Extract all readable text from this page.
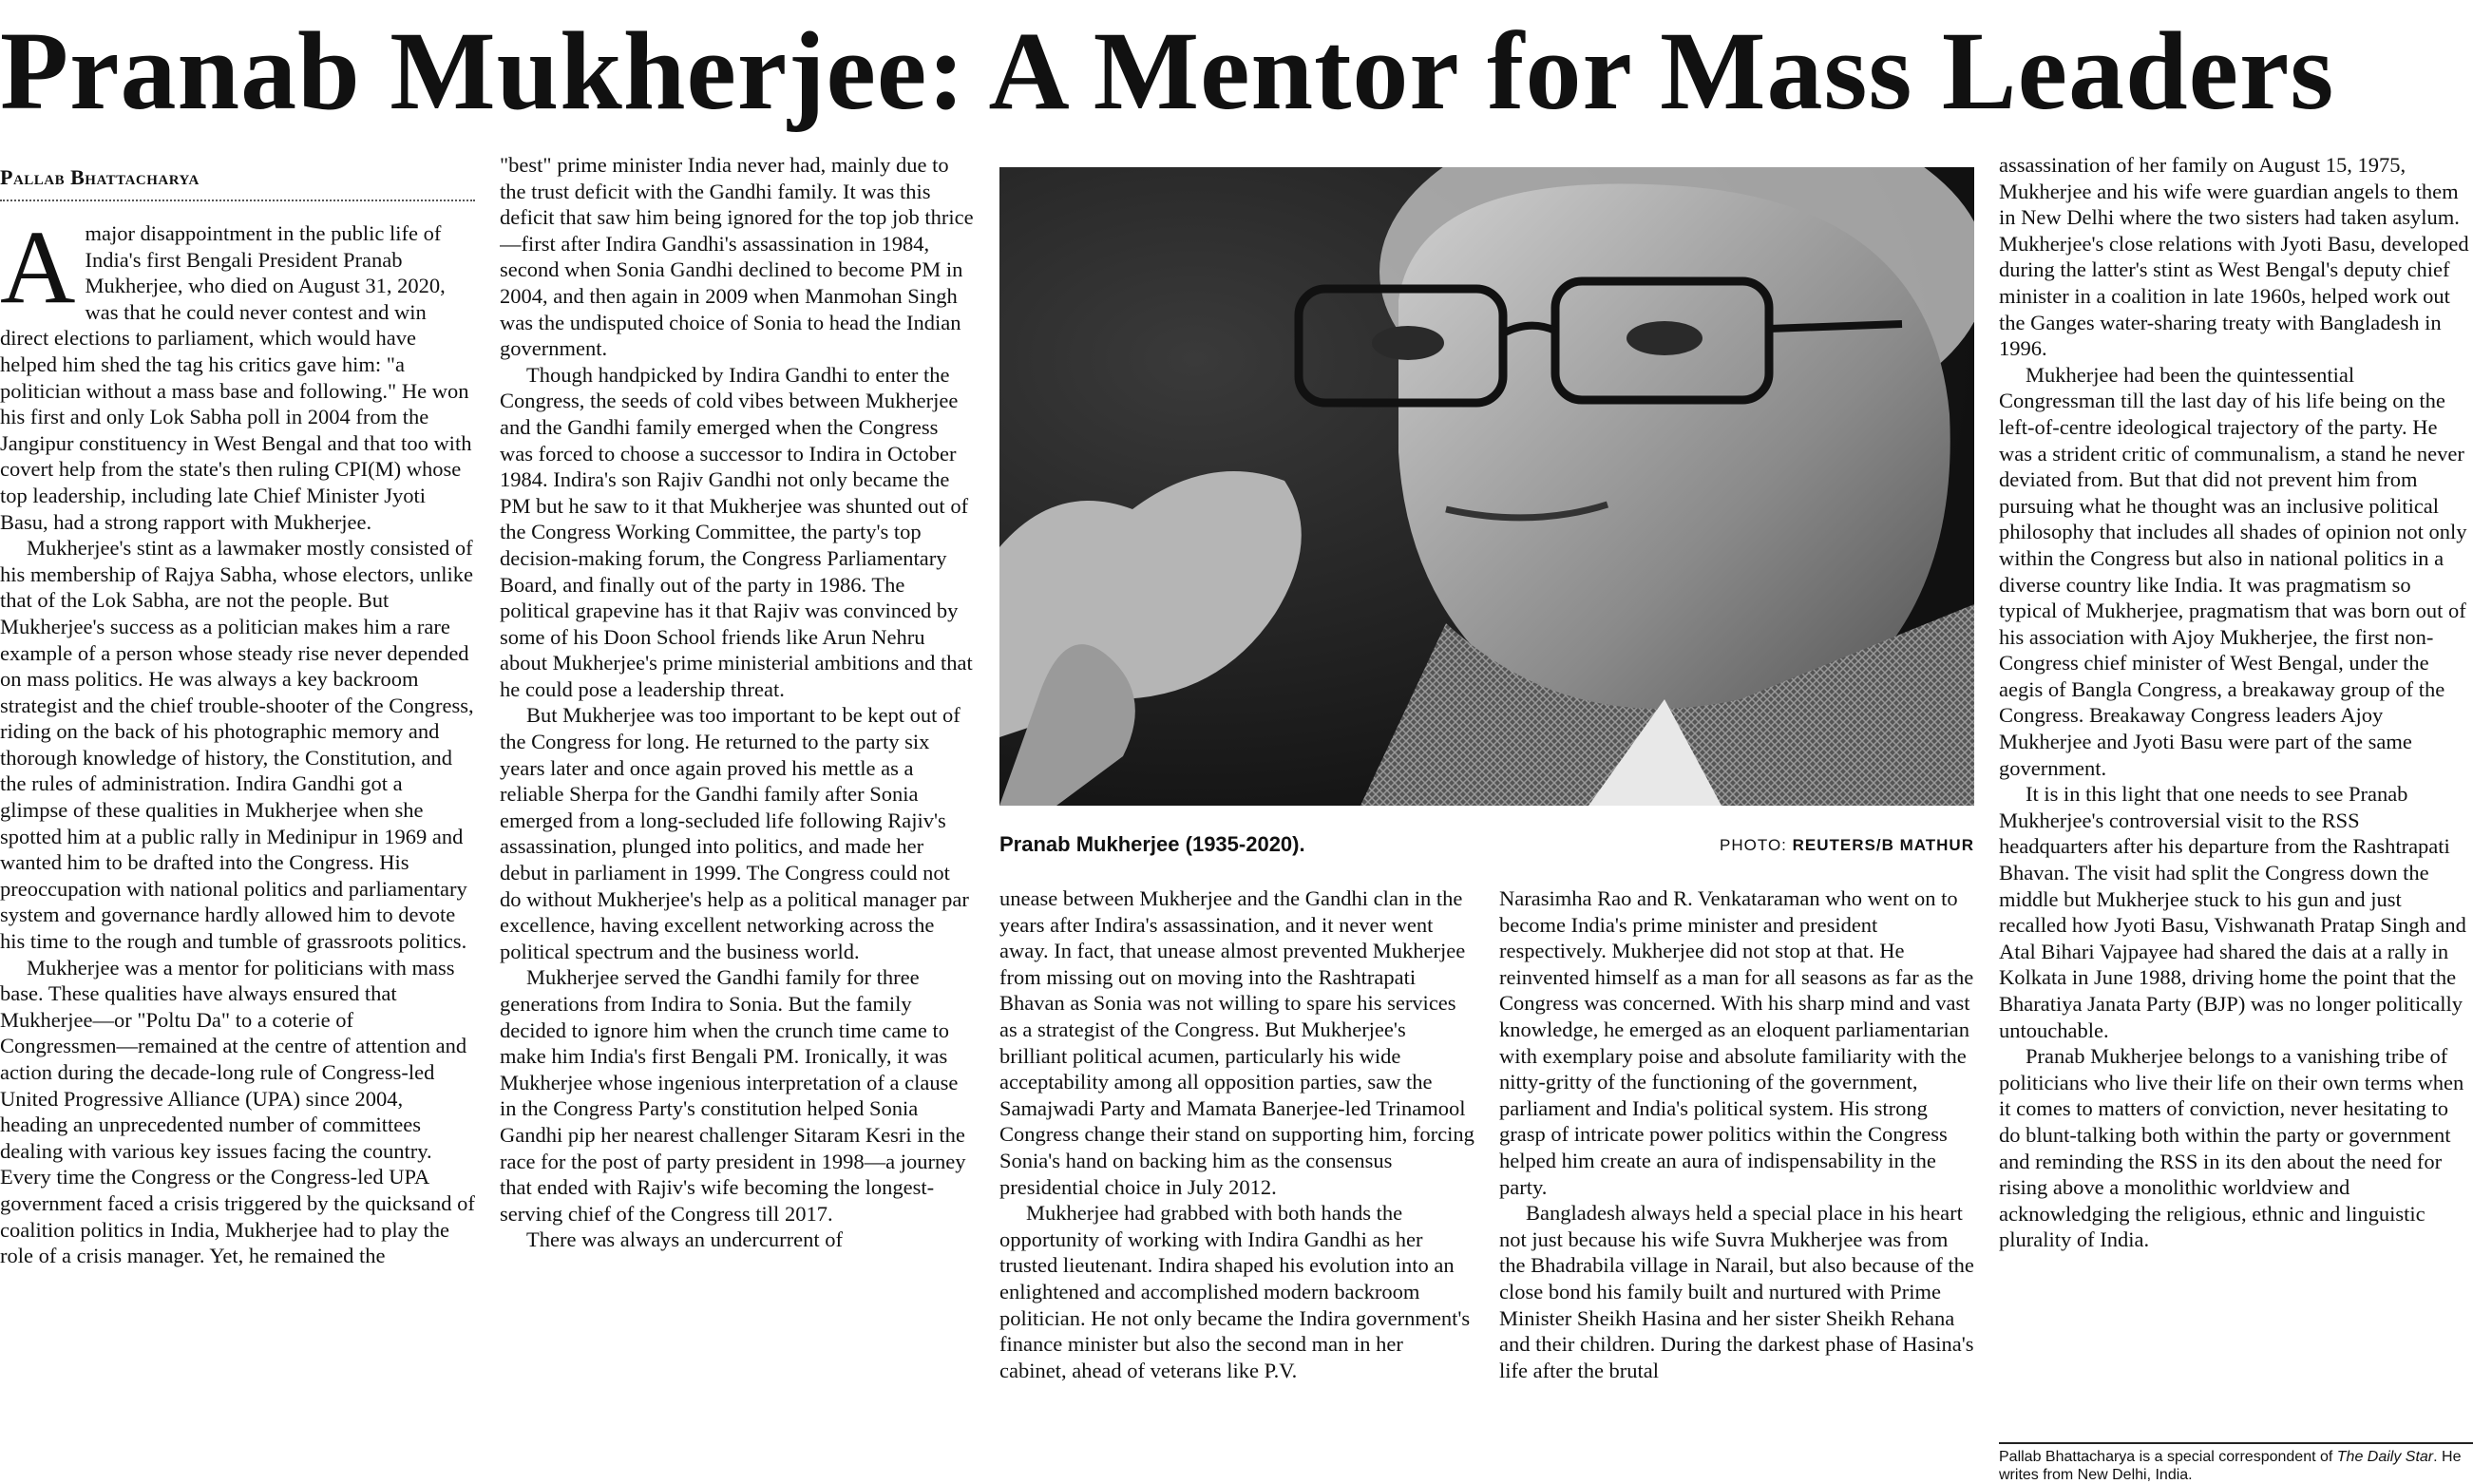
Pranab Mukherjee: A Mentor for Mass Leaders
Pallab Bhattacharya

Amajor disappointment in the public life of India's first Bengali President Pranab Mukherjee, who died on August 31, 2020, was that he could never contest and win direct elections to parliament, which would have helped him shed the tag his critics gave him: "a politician without a mass base and following." He won his first and only Lok Sabha poll in 2004 from the Jangipur constituency in West Bengal and that too with covert help from the state's then ruling CPI(M) whose top leadership, including late Chief Minister Jyoti Basu, had a strong rapport with Mukherjee.

Mukherjee's stint as a lawmaker mostly consisted of his membership of Rajya Sabha, whose electors, unlike that of the Lok Sabha, are not the people. But Mukherjee's success as a politician makes him a rare example of a person whose steady rise never depended on mass politics. He was always a key backroom strategist and the chief trouble-shooter of the Congress, riding on the back of his photographic memory and thorough knowledge of history, the Constitution, and the rules of administration. Indira Gandhi got a glimpse of these qualities in Mukherjee when she spotted him at a public rally in Medinipur in 1969 and wanted him to be drafted into the Congress. His preoccupation with national politics and parliamentary system and governance hardly allowed him to devote his time to the rough and tumble of grassroots politics.

Mukherjee was a mentor for politicians with mass base. These qualities have always ensured that Mukherjee—or "Poltu Da" to a coterie of Congressmen—remained at the centre of attention and action during the decade-long rule of Congress-led United Progressive Alliance (UPA) since 2004, heading an unprecedented number of committees dealing with various key issues facing the country. Every time the Congress or the Congress-led UPA government faced a crisis triggered by the quicksand of coalition politics in India, Mukherjee had to play the role of a crisis manager. Yet, he remained the

"best" prime minister India never had, mainly due to the trust deficit with the Gandhi family. It was this deficit that saw him being ignored for the top job thrice—first after Indira Gandhi's assassination in 1984, second when Sonia Gandhi declined to become PM in 2004, and then again in 2009 when Manmohan Singh was the undisputed choice of Sonia to head the Indian government.

Though handpicked by Indira Gandhi to enter the Congress, the seeds of cold vibes between Mukherjee and the Gandhi family emerged when the Congress was forced to choose a successor to Indira in October 1984. Indira's son Rajiv Gandhi not only became the PM but he saw to it that Mukherjee was shunted out of the Congress Working Committee, the party's top decision-making forum, the Congress Parliamentary Board, and finally out of the party in 1986. The political grapevine has it that Rajiv was convinced by some of his Doon School friends like Arun Nehru about Mukherjee's prime ministerial ambitions and that he could pose a leadership threat.

But Mukherjee was too important to be kept out of the Congress for long. He returned to the party six years later and once again proved his mettle as a reliable Sherpa for the Gandhi family after Sonia emerged from a long-secluded life following Rajiv's assassination, plunged into politics, and made her debut in parliament in 1999. The Congress could not do without Mukherjee's help as a political manager par excellence, having excellent networking across the political spectrum and the business world.

Mukherjee served the Gandhi family for three generations from Indira to Sonia. But the family decided to ignore him when the crunch time came to make him India's first Bengali PM. Ironically, it was Mukherjee whose ingenious interpretation of a clause in the Congress Party's constitution helped Sonia Gandhi pip her nearest challenger Sitaram Kesri in the race for the post of party president in 1998—a journey that ended with Rajiv's wife becoming the longest-serving chief of the Congress till 2017.

There was always an undercurrent of

Pranab Mukherjee (1935-2020).	PHOTO: REUTERS/B MATHUR

unease between Mukherjee and the Gandhi clan in the years after Indira's assassination, and it never went away. In fact, that unease almost prevented Mukherjee from missing out on moving into the Rashtrapati Bhavan as Sonia was not willing to spare his services as a strategist of the Congress. But Mukherjee's brilliant political acumen, particularly his wide acceptability among all opposition parties, saw the Samajwadi Party and Mamata Banerjee-led Trinamool Congress change their stand on supporting him, forcing Sonia's hand on backing him as the consensus presidential choice in July 2012.

Mukherjee had grabbed with both hands the opportunity of working with Indira Gandhi as her trusted lieutenant. Indira shaped his evolution into an enlightened and accomplished modern backroom politician. He not only became the Indira government's finance minister but also the second man in her cabinet, ahead of veterans like P.V.

Narasimha Rao and R. Venkataraman who went on to become India's prime minister and president respectively. Mukherjee did not stop at that. He reinvented himself as a man for all seasons as far as the Congress was concerned. With his sharp mind and vast knowledge, he emerged as an eloquent parliamentarian with exemplary poise and absolute familiarity with the nitty-gritty of the functioning of the government, parliament and India's political system. His strong grasp of intricate power politics within the Congress helped him create an aura of indispensability in the party.

Bangladesh always held a special place in his heart not just because his wife Suvra Mukherjee was from the Bhadrabila village in Narail, but also because of the close bond his family built and nurtured with Prime Minister Sheikh Hasina and her sister Sheikh Rehana and their children. During the darkest phase of Hasina's life after the brutal

assassination of her family on August 15, 1975, Mukherjee and his wife were guardian angels to them in New Delhi where the two sisters had taken asylum. Mukherjee's close relations with Jyoti Basu, developed during the latter's stint as West Bengal's deputy chief minister in a coalition in late 1960s, helped work out the Ganges water-sharing treaty with Bangladesh in 1996.

Mukherjee had been the quintessential Congressman till the last day of his life being on the left-of-centre ideological trajectory of the party. He was a strident critic of communalism, a stand he never deviated from. But that did not prevent him from pursuing what he thought was an inclusive political philosophy that includes all shades of opinion not only within the Congress but also in national politics in a diverse country like India. It was pragmatism so typical of Mukherjee, pragmatism that was born out of his association with Ajoy Mukherjee, the first non-Congress chief minister of West Bengal, under the aegis of Bangla Congress, a breakaway group of the Congress. Breakaway Congress leaders Ajoy Mukherjee and Jyoti Basu were part of the same government.

It is in this light that one needs to see Pranab Mukherjee's controversial visit to the RSS headquarters after his departure from the Rashtrapati Bhavan. The visit had split the Congress down the middle but Mukherjee stuck to his gun and just recalled how Jyoti Basu, Vishwanath Pratap Singh and Atal Bihari Vajpayee had shared the dais at a rally in Kolkata in June 1988, driving home the point that the Bharatiya Janata Party (BJP) was no longer politically untouchable.

Pranab Mukherjee belongs to a vanishing tribe of politicians who live their life on their own terms when it comes to matters of conviction, never hesitating to do blunt-talking both within the party or government and reminding the RSS in its den about the need for rising above a monolithic worldview and acknowledging the religious, ethnic and linguistic plurality of India.

Pallab Bhattacharya is a special correspondent of The Daily Star. He writes from New Delhi, India.
